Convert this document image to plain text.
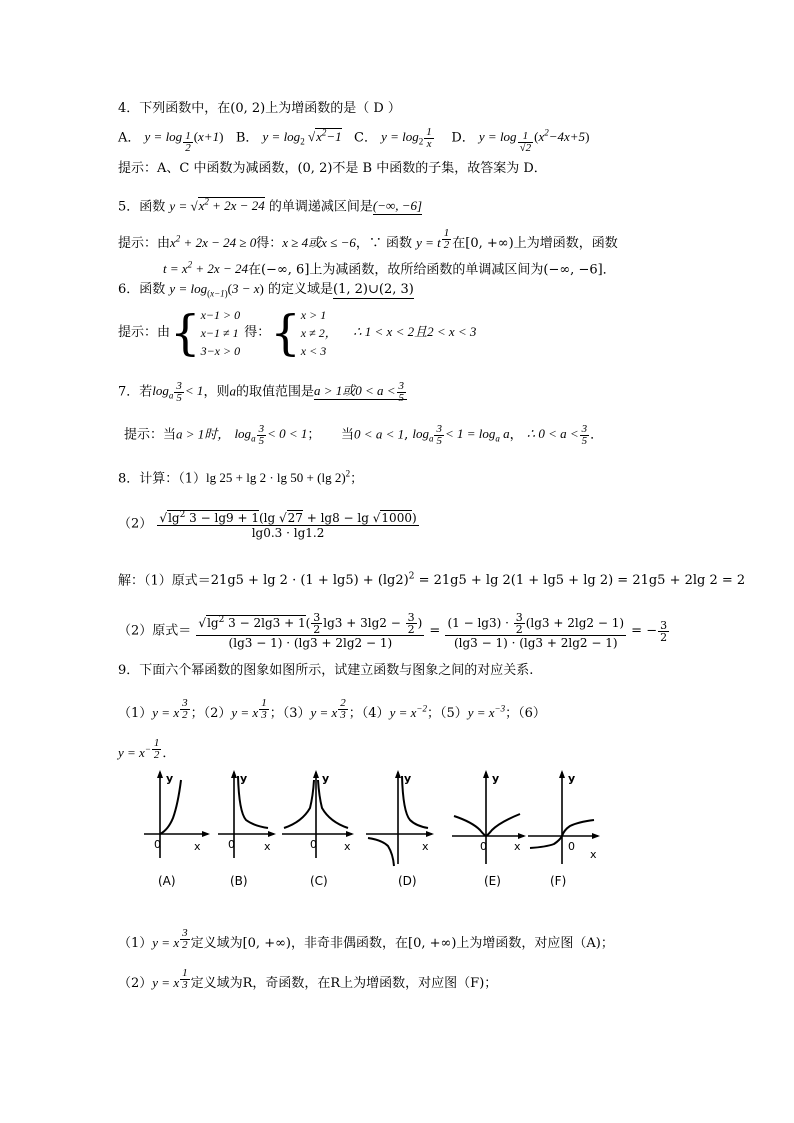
4．下列函数中，在(0, 2)上为增函数的是（ D ）
A． y = log $_{\frac{1}{2}}$ (x+1) B． $y = \log_2 √x^2-1$ C． $y = \log_2 \frac{1}{x}$ D． y = log $_{\frac{1}{√2}}$ $(x^2-4x+5)$
提示：A、C 中函数为减函数，(0, 2)不是 B 中函数的子集，故答案为 D．
5．函数 $y = √x^2 + 2x - 24$ 的单调递减区间是(−∞, −6]
提示：由$x^2 + 2x - 24 \ge 0$得：x ≥ 4或x ≤ −6，∵ 函数 y = t $^{\frac{1}{2}}$ 在[0, +∞)上为增函数，函数
$t = x^2 + 2x - 24$在(−∞, 6]上为减函数，故所给函数的单调减区间为(−∞, −6]．
6．函数 $y = \log_{(x-1)}(3 - x)$ 的定义域是(1, 2)∪(2, 3)
提示：由{ x−1 > 0
x−1 ≠ 1
3−x > 0
得：{ x > 1
x ≠ 2，
x < 3
∴ 1 < x < 2且2 < x < 3
7．若$\log_a \frac{3}{5} < 1$，则a的取值范围是a > 1或$0 < a < \frac{3}{5}$
提示：当a > 1时， $\log_a \frac{3}{5} < 0 < 1$；     当0 < a < 1, $\log_a \frac{3}{5} < 1 = \log_a a$， ∴ $0 < a < \frac{3}{5}$ ．
8．计算：（1）lg 25 + lg 2 · lg 50 + (lg 2)$^2$；
$(2) \frac{√\lg^2 3 - \lg 9 + 1(\lg √27 + \lg 8 - \lg √1000)}{\lg 0.3 \cdot \lg 1.2}$
解：（1）原式$=21g5 + \lg 2 \cdot (1 + \lg 5) + (\lg 2)^2 = 21g5 + \lg 2(1 + \lg 5 + \lg 2) = 21g5 + 2\lg$ 2 = 2
（2）原式＝ $\frac{√\lg^2 3 - 2\lg 3 + 1( \frac{3}{2} \lg 3 + 3\lg 2 - \frac{3}{2} )}{(\lg 3 - 1) \cdot (\lg 3 + 2\lg 2 - 1)} = \frac{(1 - \lg 3) \cdot \frac{3}{2} (\lg 3 + 2\lg 2 - 1)}{(\lg 3 - 1) \cdot (\lg 3 + 2\lg 2 - 1)}$ = − $\frac{3}{2}$
9．下面六个幂函数的图象如图所示，试建立函数与图象之间的对应关系.
（1）y = x $^{\frac{3}{2}}$ ；（2）y = x $^{\frac{1}{3}}$ ；（3）y = x $^{\frac{2}{3}}$ ；$(4)y = x^{-2}$；$(5)y = x^{-3}$；（6）
$y = x^{- \frac{1}{2}}$ ．
y
0	x
y
0	x
y
0 x
y
x
y
0 x
y
0
x
(A)	(B)	(C)	(D)	(E)	(F)
（1）y = x $^{\frac{3}{2}}$ 定义域为[0, +∞)，非奇非偶函数，在[0, +∞)上为增函数，对应图（A)；
（2）y = x $^{\frac{1}{3}}$ 定义域为R，奇函数，在R上为增函数，对应图（F)；
